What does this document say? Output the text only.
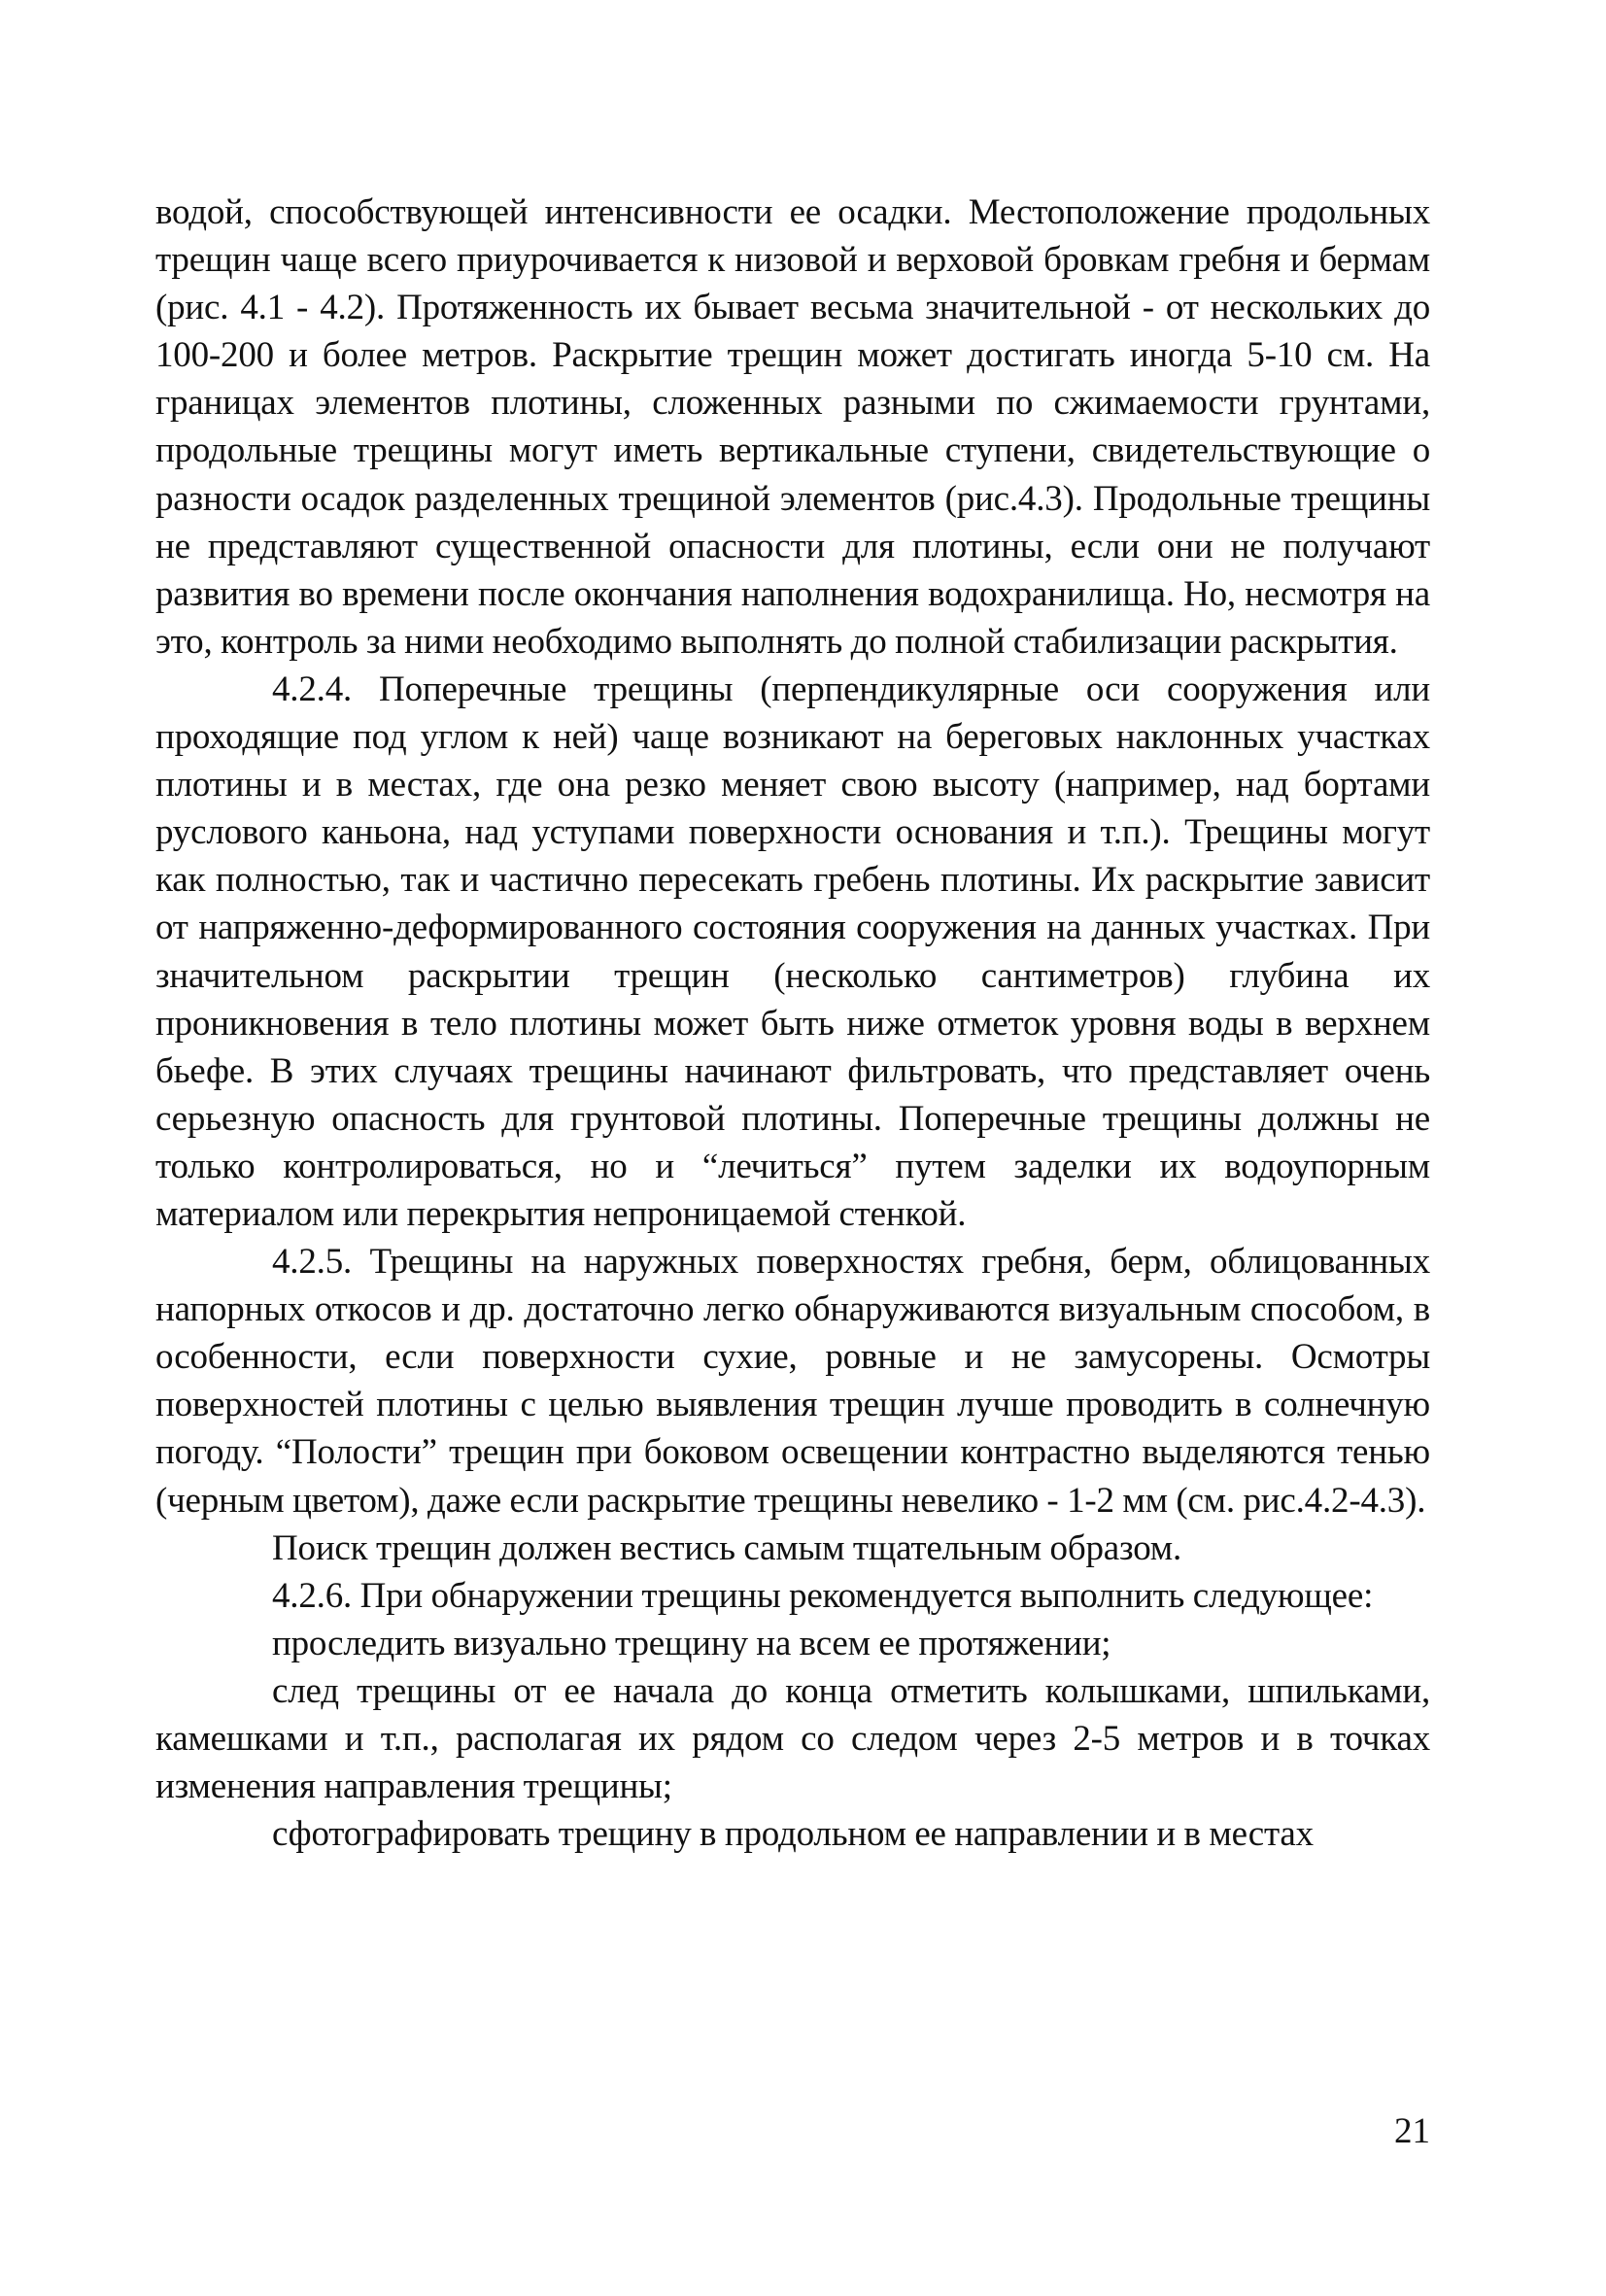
водой, способствующей интенсивности ее осадки. Местоположение продольных трещин чаще всего приурочивается к низовой и верховой бровкам гребня и бермам (рис. 4.1 - 4.2). Протяженность их бывает весьма значительной - от нескольких до 100-200 и более метров. Раскрытие трещин может достигать иногда 5-10 см. На границах элементов плотины, сложенных разными по сжимаемости грунтами, продольные трещины могут иметь вертикальные ступени, свидетельствующие о разности осадок разделенных трещиной элементов (рис.4.3). Продольные трещины не представляют существенной опасности для плотины, если они не получают развития во времени после окончания наполнения водохранилища. Но, несмотря на это, контроль за ними необходимо выполнять до полной стабилизации раскрытия.

4.2.4. Поперечные трещины (перпендикулярные оси сооружения или проходящие под углом к ней) чаще возникают на береговых наклонных участках плотины и в местах, где она резко меняет свою высоту (например, над бортами руслового каньона, над уступами поверхности основания и т.п.). Трещины могут как полностью, так и частично пересекать гребень плотины. Их раскрытие зависит от напряженно-деформированного состояния сооружения на данных участках. При значительном раскрытии трещин (несколько сантиметров) глубина их проникновения в тело плотины может быть ниже отметок уровня воды в верхнем бьефе. В этих случаях трещины начинают фильтровать, что представляет очень серьезную опасность для грунтовой плотины. Поперечные трещины должны не только контролироваться, но и “лечиться” путем заделки их водоупорным материалом или перекрытия непроницаемой стенкой.

4.2.5. Трещины на наружных поверхностях гребня, берм, облицованных напорных откосов и др. достаточно легко обнаруживаются визуальным способом, в особенности, если поверхности сухие, ровные и не замусорены. Осмотры поверхностей плотины с целью выявления трещин лучше проводить в солнечную погоду. “Полости” трещин при боковом освещении контрастно выделяются тенью (черным цветом), даже если раскрытие трещины невелико - 1-2 мм (см. рис.4.2-4.3).

Поиск трещин должен вестись самым тщательным образом.

4.2.6. При обнаружении трещины рекомендуется выполнить следующее:

проследить визуально трещину на всем ее протяжении;

след трещины от ее начала до конца отметить колышками, шпильками, камешками и т.п., располагая их рядом со следом через 2-5 метров и в точках изменения направления трещины;

сфотографировать трещину в продольном ее направлении и в местах

21
